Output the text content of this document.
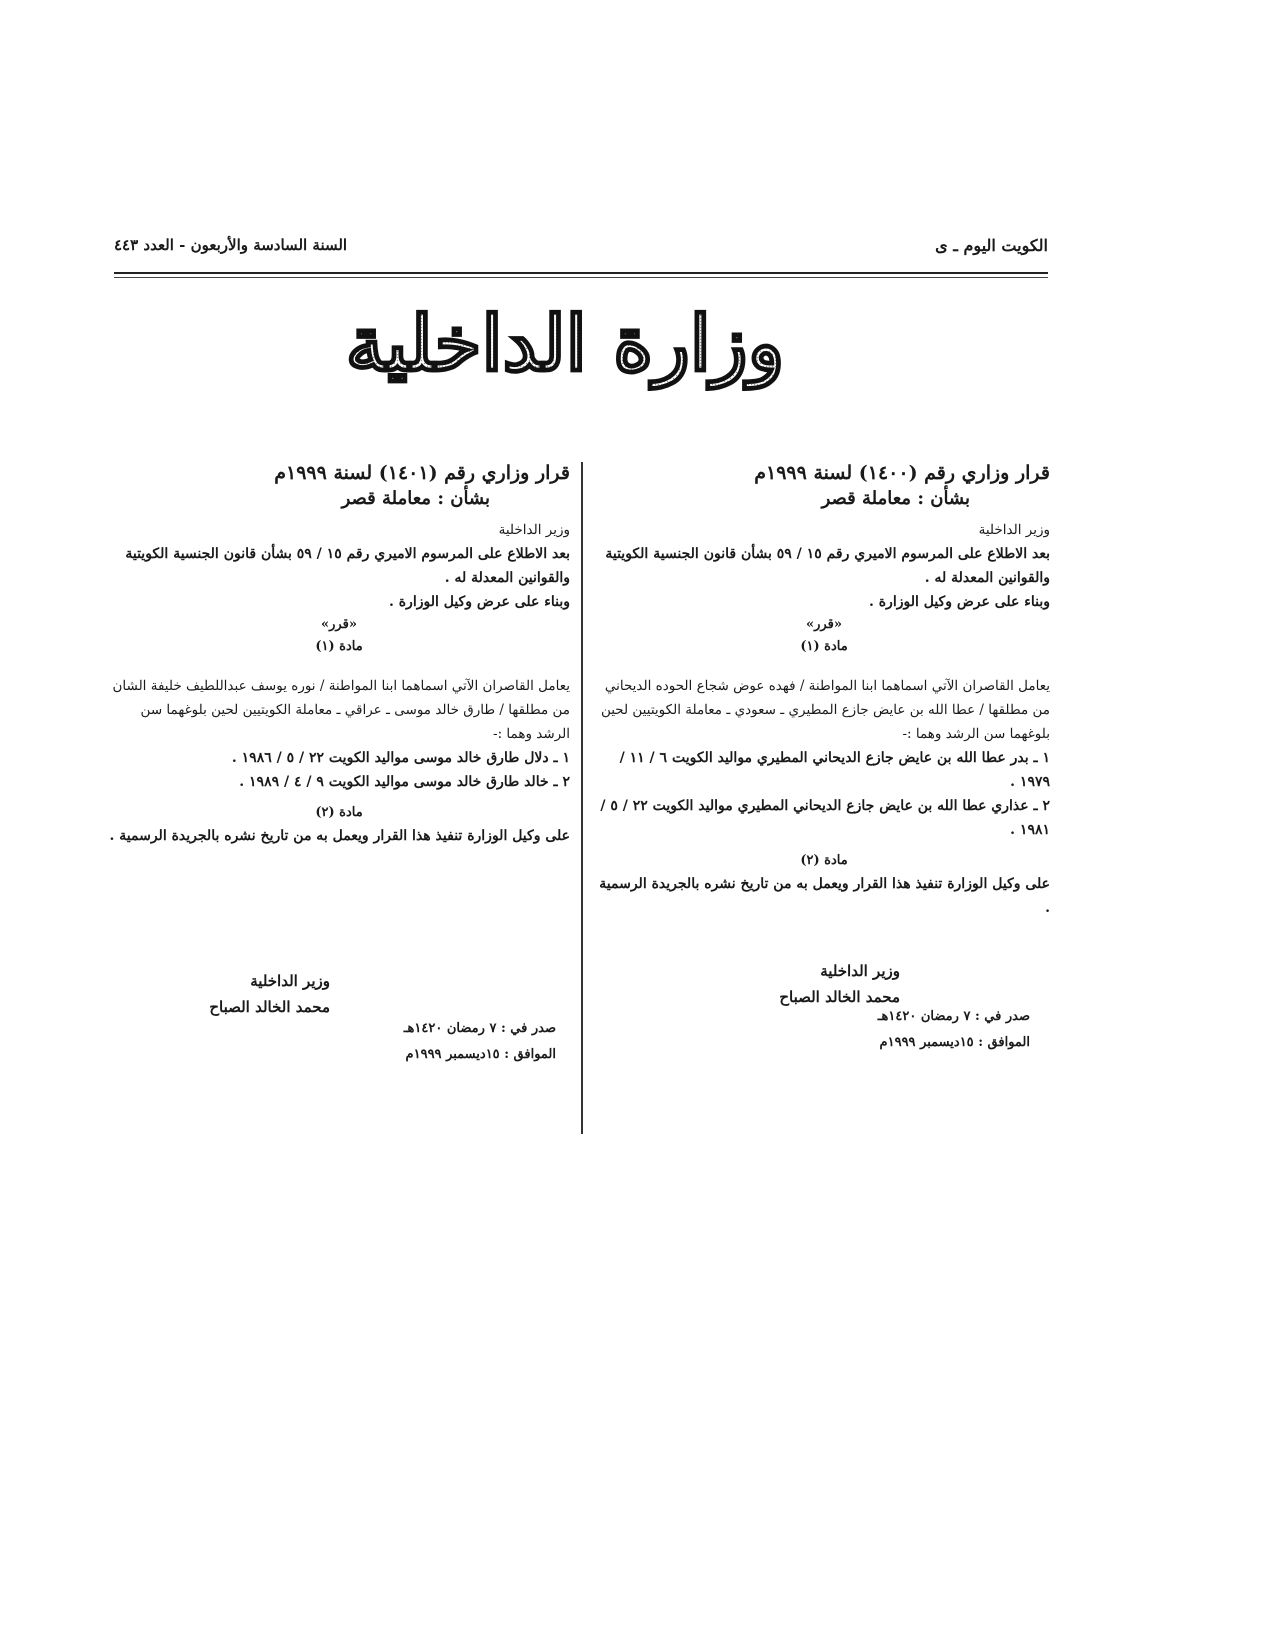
الكويت اليوم ـ ى
السنة السادسة والأربعون - العدد ٤٤٣
وزارة الداخلية

قرار وزاري رقم (١٤٠٠) لسنة ١٩٩٩م

بشأن : معاملة قصر

وزير الداخلية

بعد الاطلاع على المرسوم الاميري رقم ١٥ / ٥٩ بشأن قانون الجنسية الكويتية والقوانين المعدلة له .

وبناء على عرض وكيل الوزارة .

«قرر»

مادة (١)

يعامل القاصران الآتي اسماهما ابنا المواطنة / فهده عوض شجاع الحوده الديحاني من مطلقها / عطا الله بن عايض جازع المطيري ـ سعودي ـ معاملة الكويتيين لحين بلوغهما سن الرشد وهما :-

١ ـ بدر عطا الله بن عايض جازع الديحاني المطيري مواليد الكويت ٦ / ١١ / ١٩٧٩ .

٢ ـ عذاري عطا الله بن عايض جازع الديحاني المطيري مواليد الكويت ٢٢ / ٥ / ١٩٨١ .

مادة (٢)

على وكيل الوزارة تنفيذ هذا القرار ويعمل به من تاريخ نشره بالجريدة الرسمية .

وزير الداخلية
محمد الخالد الصباح
صدر في : ٧ رمضان ١٤٢٠هـ
الموافق : ١٥ديسمبر ١٩٩٩م

قرار وزاري رقم (١٤٠١) لسنة ١٩٩٩م

بشأن : معاملة قصر

وزير الداخلية

بعد الاطلاع على المرسوم الاميري رقم ١٥ / ٥٩ بشأن قانون الجنسية الكويتية والقوانين المعدلة له .

وبناء على عرض وكيل الوزارة .

«قرر»

مادة (١)

يعامل القاصران الآتي اسماهما ابنا المواطنة / نوره يوسف عبداللطيف خليفة الشان من مطلقها / طارق خالد موسى ـ عراقي ـ معاملة الكويتيين لحين بلوغهما سن الرشد وهما :-

١ ـ دلال طارق خالد موسى مواليد الكويت ٢٢ / ٥ / ١٩٨٦ .

٢ ـ خالد طارق خالد موسى مواليد الكويت ٩ / ٤ / ١٩٨٩ .

مادة (٢)

على وكيل الوزارة تنفيذ هذا القرار ويعمل به من تاريخ نشره بالجريدة الرسمية .

وزير الداخلية
محمد الخالد الصباح
صدر في : ٧ رمضان ١٤٢٠هـ
الموافق : ١٥ديسمبر ١٩٩٩م
